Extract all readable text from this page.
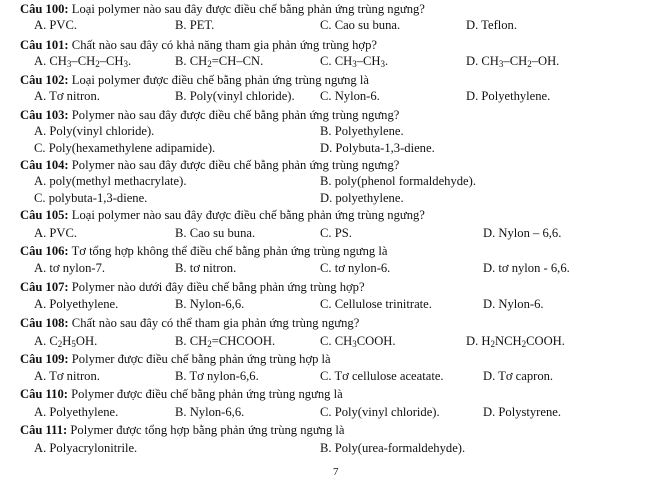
Câu 100: Loại polymer nào sau đây được điều chế bằng phản ứng trùng ngưng?
A. PVC.	B. PET.	C. Cao su buna.	D. Teflon.
Câu 101: Chất nào sau đây có khả năng tham gia phản ứng trùng hợp?
A. $CH_3-CH_2-CH_3$.	B. $CH_2=CH-CN$.	C. $CH_3-CH_3$.	D. $CH_3-CH_2-OH$.
Câu 102: Loại polymer được điều chế bằng phản ứng trùng ngưng là
A. Tơ nitron.	B. Poly(vinyl chloride). C. Nylon-6.	D. Polyethylene.
Câu 103: Polymer nào sau đây được điều chế bằng phản ứng trùng ngưng?
A. Poly(vinyl chloride).	B. Polyethylene.
C. Poly(hexamethylene adipamide).	D. Polybuta-1,3-diene.
Câu 104: Polymer nào sau đây được điều chế bằng phản ứng trùng ngưng?
A. poly(methyl methacrylate).	B. poly(phenol formaldehyde).
C. polybuta-1,3-diene.	D. polyethylene.
Câu 105: Loại polymer nào sau đây được điều chế bằng phản ứng trùng ngưng?
A. PVC.	B. Cao su buna.	C. PS.	D. Nylon – 6,6.
Câu 106: Tơ tổng hợp không thể điều chế bằng phản ứng trùng ngưng là
A. tơ nylon-7.	B. tơ nitron.	C. tơ nylon-6.	D. tơ nylon - 6,6.
Câu 107: Polymer nào dưới đây điều chế bằng phản ứng trùng hợp?
A. Polyethylene.	B. Nylon-6,6.	C. Cellulose trinitrate.	D. Nylon-6.
Câu 108: Chất nào sau đây có thể tham gia phản ứng trùng ngưng?
A. $C_2H_5OH$.	B. $CH_2=CHCOOH$.	C. $CH_3COOH$.	D. $H_2NCH_2COOH$.
Câu 109: Polymer được điều chế bằng phản ứng trùng hợp là
A. Tơ nitron.	B. Tơ nylon-6,6.	C. Tơ cellulose aceatate.	D. Tơ capron.
Câu 110: Polymer được điều chế bằng phản ứng trùng ngưng là
A. Polyethylene.	B. Nylon-6,6.	C. Poly(vinyl chloride).	D. Polystyrene.
Câu 111: Polymer được tổng hợp bằng phản ứng trùng ngưng là
A. Polyacrylonitrile.	B. Poly(urea-formaldehyde).
7
